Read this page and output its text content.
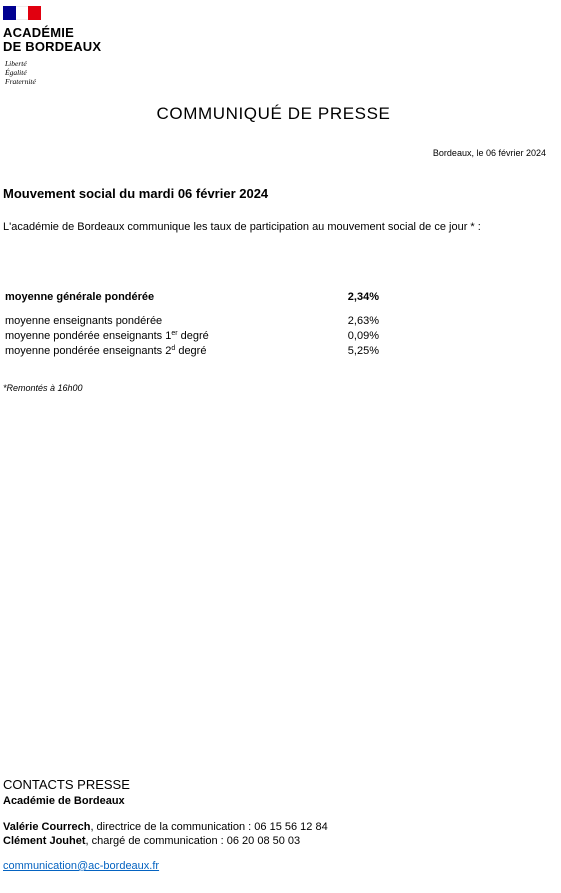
ACADÉMIE
DE BORDEAUX
Liberté
Égalité
Fraternité
COMMUNIQUÉ DE PRESSE
Bordeaux, le 06 février 2024
Mouvement social du mardi 06 février 2024
L'académie de Bordeaux communique les taux de participation au mouvement social de ce jour * :
moyenne générale pondérée	2,34%
moyenne enseignants pondérée	2,63%
moyenne pondérée enseignants 1er degré	0,09%
moyenne pondérée enseignants 2$^d$ degré	5,25%
*Remontés à 16h00
CONTACTS PRESSE
Académie de Bordeaux
Valérie Courrech, directrice de la communication : 06 15 56 12 84
Clément Jouhet, chargé de communication : 06 20 08 50 03
communication@ac-bordeaux.fr
